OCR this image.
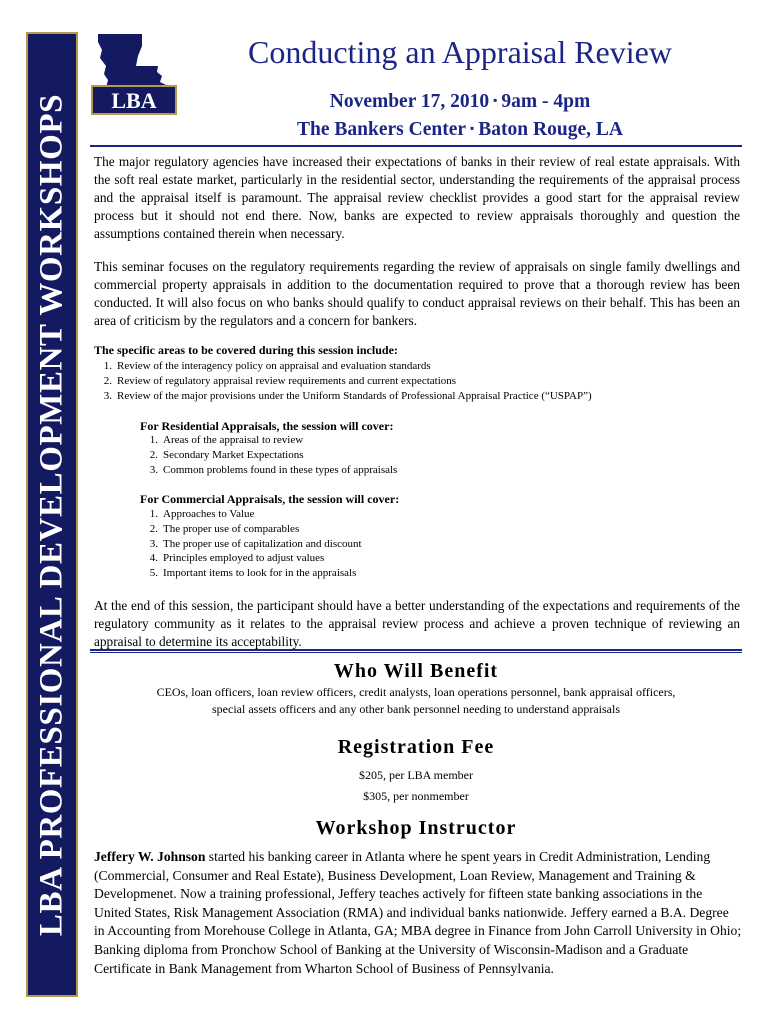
LBA PROFESSIONAL DEVELOPMENT WORKSHOPS LBA
Conducting an Appraisal Review
November 17, 2010 ▪ 9am - 4pm
The Bankers Center ▪ Baton Rouge, LA
The major regulatory agencies have increased their expectations of banks in their review of real estate appraisals. With the soft real estate market, particularly in the residential sector, understanding the requirements of the appraisal process and the appraisal itself is paramount. The appraisal review checklist provides a good start for the appraisal review process but it should not end there. Now, banks are expected to review appraisals thoroughly and question the assumptions contained therein when necessary.
This seminar focuses on the regulatory requirements regarding the review of appraisals on single family dwellings and commercial property appraisals in addition to the documentation required to prove that a thorough review has been conducted. It will also focus on who banks should qualify to conduct appraisal reviews on their behalf. This has been an area of criticism by the regulators and a concern for bankers.
The specific areas to be covered during this session include:
1. Review of the interagency policy on appraisal and evaluation standards
2. Review of regulatory appraisal review requirements and current expectations
3. Review of the major provisions under the Uniform Standards of Professional Appraisal Practice (“USPAP”)
For Residential Appraisals, the session will cover:
1. Areas of the appraisal to review
2. Secondary Market Expectations
3. Common problems found in these types of appraisals
For Commercial Appraisals, the session will cover:
1. Approaches to Value
2. The proper use of comparables
3. The proper use of capitalization and discount
4. Principles employed to adjust values
5. Important items to look for in the appraisals
At the end of this session, the participant should have a better understanding of the expectations and requirements of the regulatory community as it relates to the appraisal review process and achieve a proven technique of reviewing an appraisal to determine its acceptability.
Who Will Benefit
CEOs, loan officers, loan review officers, credit analysts, loan operations personnel, bank appraisal officers,
special assets officers and any other bank personnel needing to understand appraisals
Registration Fee
$205, per LBA member
$305, per nonmember
Workshop Instructor
Jeffery W. Johnson started his banking career in Atlanta where he spent years in Credit Administration, Lending (Commercial, Consumer and Real Estate), Business Development, Loan Review, Management and Training & Developmenet. Now a training professional, Jeffery teaches actively for fifteen state banking associations in the United States, Risk Management Association (RMA) and individual banks nationwide. Jeffery earned a B.A. Degree in Accounting from Morehouse College in Atlanta, GA; MBA degree in Finance from John Carroll University in Ohio; Banking diploma from Pronchow School of Banking at the University of Wisconsin-Madison and a Graduate Certificate in Bank Management from Wharton School of Business of Pennsylvania.
